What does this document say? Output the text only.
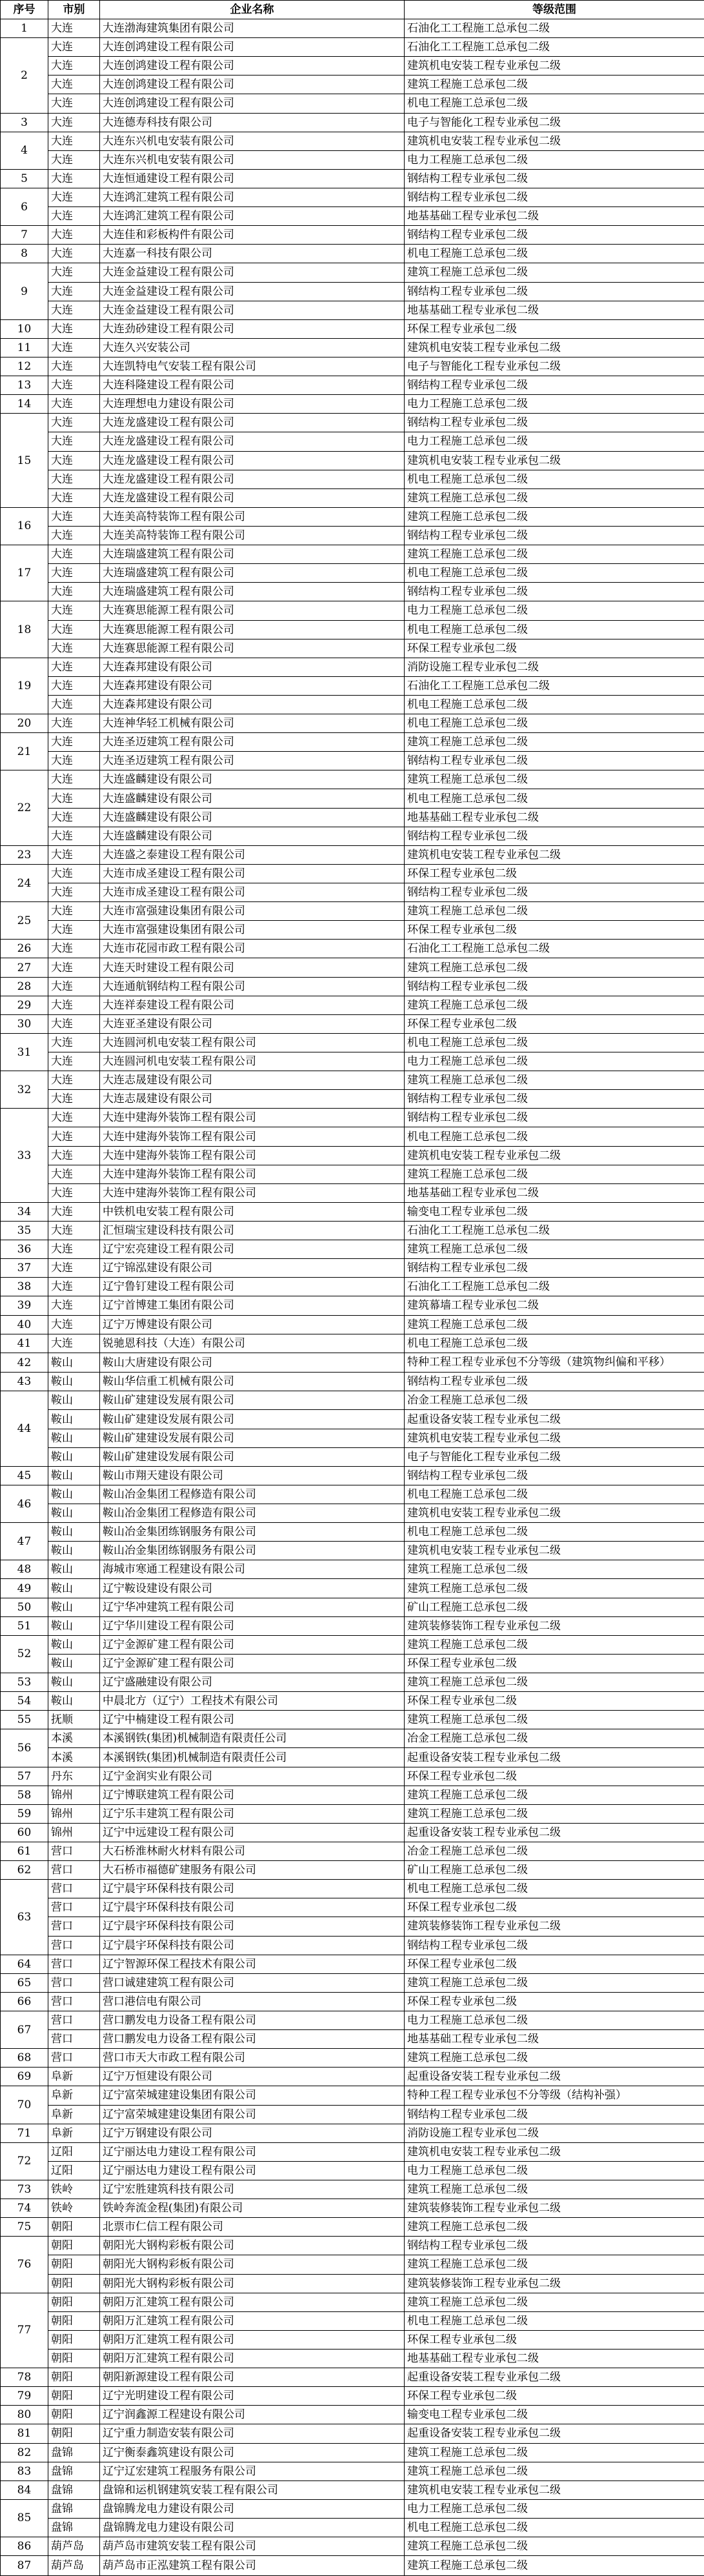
序号	市别	企业名称	等级范围
1	大连	大连渤海建筑集团有限公司	石油化工工程施工总承包二级
2	大连	大连创鸿建设工程有限公司	石油化工工程施工总承包二级
	大连	大连创鸿建设工程有限公司	建筑机电安装工程专业承包二级
	大连	大连创鸿建设工程有限公司	建筑工程施工总承包二级
	大连	大连创鸿建设工程有限公司	机电工程施工总承包二级
3	大连	大连德寿科技有限公司	电子与智能化工程专业承包二级
4	大连	大连东兴机电安装有限公司	建筑机电安装工程专业承包二级
	大连	大连东兴机电安装有限公司	电力工程施工总承包二级
5	大连	大连恒通建设工程有限公司	钢结构工程专业承包二级
6	大连	大连鸿汇建筑工程有限公司	钢结构工程专业承包二级
	大连	大连鸿汇建筑工程有限公司	地基基础工程专业承包二级
7	大连	大连佳和彩板构件有限公司	钢结构工程专业承包二级
8	大连	大连嘉一科技有限公司	机电工程施工总承包二级
9	大连	大连金益建设工程有限公司	建筑工程施工总承包二级
	大连	大连金益建设工程有限公司	钢结构工程专业承包二级
	大连	大连金益建设工程有限公司	地基基础工程专业承包二级
10	大连	大连劲砂建设工程有限公司	环保工程专业承包二级
11	大连	大连久兴安装公司	建筑机电安装工程专业承包二级
12	大连	大连凯特电气安装工程有限公司	电子与智能化工程专业承包二级
13	大连	大连科隆建设工程有限公司	钢结构工程专业承包二级
14	大连	大连理想电力建设有限公司	电力工程施工总承包二级
15	大连	大连龙盛建设工程有限公司	钢结构工程专业承包二级
	大连	大连龙盛建设工程有限公司	电力工程施工总承包二级
	大连	大连龙盛建设工程有限公司	建筑机电安装工程专业承包二级
	大连	大连龙盛建设工程有限公司	机电工程施工总承包二级
	大连	大连龙盛建设工程有限公司	建筑工程施工总承包二级
16	大连	大连美高特装饰工程有限公司	建筑工程施工总承包二级
	大连	大连美高特装饰工程有限公司	钢结构工程专业承包二级
17	大连	大连瑞盛建筑工程有限公司	建筑工程施工总承包二级
	大连	大连瑞盛建筑工程有限公司	机电工程施工总承包二级
	大连	大连瑞盛建筑工程有限公司	钢结构工程专业承包二级
18	大连	大连赛思能源工程有限公司	电力工程施工总承包二级
	大连	大连赛思能源工程有限公司	机电工程施工总承包二级
	大连	大连赛思能源工程有限公司	环保工程专业承包二级
19	大连	大连森邦建设有限公司	消防设施工程专业承包二级
	大连	大连森邦建设有限公司	石油化工工程施工总承包二级
	大连	大连森邦建设有限公司	机电工程施工总承包二级
20	大连	大连神华轻工机械有限公司	机电工程施工总承包二级
21	大连	大连圣迈建筑工程有限公司	建筑工程施工总承包二级
	大连	大连圣迈建筑工程有限公司	钢结构工程专业承包二级
22	大连	大连盛麟建设有限公司	建筑工程施工总承包二级
	大连	大连盛麟建设有限公司	机电工程施工总承包二级
	大连	大连盛麟建设有限公司	地基基础工程专业承包二级
	大连	大连盛麟建设有限公司	钢结构工程专业承包二级
23	大连	大连盛之泰建设工程有限公司	建筑机电安装工程专业承包二级
24	大连	大连市成圣建设工程有限公司	环保工程专业承包二级
	大连	大连市成圣建设工程有限公司	钢结构工程专业承包二级
25	大连	大连市富强建设集团有限公司	建筑工程施工总承包二级
	大连	大连市富强建设集团有限公司	环保工程专业承包二级
26	大连	大连市花园市政工程有限公司	石油化工工程施工总承包二级
27	大连	大连天时建设工程有限公司	建筑工程施工总承包二级
28	大连	大连通航钢结构工程有限公司	钢结构工程专业承包二级
29	大连	大连祥泰建设工程有限公司	建筑工程施工总承包二级
30	大连	大连亚圣建设有限公司	环保工程专业承包二级
31	大连	大连圆河机电安装工程有限公司	机电工程施工总承包二级
	大连	大连圆河机电安装工程有限公司	电力工程施工总承包二级
32	大连	大连志晟建设有限公司	建筑工程施工总承包二级
	大连	大连志晟建设有限公司	钢结构工程专业承包二级
33	大连	大连中建海外装饰工程有限公司	钢结构工程专业承包二级
	大连	大连中建海外装饰工程有限公司	机电工程施工总承包二级
	大连	大连中建海外装饰工程有限公司	建筑机电安装工程专业承包二级
	大连	大连中建海外装饰工程有限公司	建筑工程施工总承包二级
	大连	大连中建海外装饰工程有限公司	地基基础工程专业承包二级
34	大连	中铁机电安装工程有限公司	输变电工程专业承包二级
35	大连	汇恒瑞宝建设科技有限公司	石油化工工程施工总承包二级
36	大连	辽宁宏亮建设工程有限公司	建筑工程施工总承包二级
37	大连	辽宁锦泓建设有限公司	钢结构工程专业承包二级
38	大连	辽宁鲁钉建设工程有限公司	石油化工工程施工总承包二级
39	大连	辽宁首博建工集团有限公司	建筑幕墙工程专业承包二级
40	大连	辽宁万博建设有限公司	建筑工程施工总承包二级
41	大连	锐驰恩科技（大连）有限公司	机电工程施工总承包二级
42	鞍山	鞍山大唐建设有限公司	特种工程工程专业承包不分等级（建筑物纠偏和平移）
43	鞍山	鞍山华信重工机械有限公司	钢结构工程专业承包二级
44	鞍山	鞍山矿建建设发展有限公司	冶金工程施工总承包二级
	鞍山	鞍山矿建建设发展有限公司	起重设备安装工程专业承包二级
	鞍山	鞍山矿建建设发展有限公司	建筑机电安装工程专业承包二级
	鞍山	鞍山矿建建设发展有限公司	电子与智能化工程专业承包二级
45	鞍山	鞍山市翔天建设有限公司	钢结构工程专业承包二级
46	鞍山	鞍山冶金集团工程修造有限公司	机电工程施工总承包二级
	鞍山	鞍山冶金集团工程修造有限公司	建筑机电安装工程专业承包二级
47	鞍山	鞍山冶金集团练钢服务有限公司	机电工程施工总承包二级
	鞍山	鞍山冶金集团练钢服务有限公司	建筑机电安装工程专业承包二级
48	鞍山	海城市寒通工程建设有限公司	建筑工程施工总承包二级
49	鞍山	辽宁鞍设建设有限公司	建筑工程施工总承包二级
50	鞍山	辽宁华冲建筑工程有限公司	矿山工程施工总承包二级
51	鞍山	辽宁华川建设工程有限公司	建筑装修装饰工程专业承包二级
52	鞍山	辽宁金源矿建工程有限公司	建筑工程施工总承包二级
	鞍山	辽宁金源矿建工程有限公司	环保工程专业承包二级
53	鞍山	辽宁盛融建设有限公司	建筑工程施工总承包二级
54	鞍山	中晨北方（辽宁）工程技术有限公司	环保工程专业承包二级
55	抚顺	辽宁中楠建设工程有限公司	建筑工程施工总承包二级
56	本溪	本溪钢铁(集团)机械制造有限责任公司	冶金工程施工总承包二级
	本溪	本溪钢铁(集团)机械制造有限责任公司	起重设备安装工程专业承包二级
57	丹东	辽宁金润实业有限公司	环保工程专业承包二级
58	锦州	辽宁博联建筑工程有限公司	建筑工程施工总承包二级
59	锦州	辽宁乐丰建筑工程有限公司	建筑工程施工总承包二级
60	锦州	辽宁中远建设工程有限公司	起重设备安装工程专业承包二级
61	营口	大石桥淮林耐火材料有限公司	冶金工程施工总承包二级
62	营口	大石桥市福德矿建服务有限公司	矿山工程施工总承包二级
63	营口	辽宁晨宇环保科技有限公司	机电工程施工总承包二级
	营口	辽宁晨宇环保科技有限公司	环保工程专业承包二级
	营口	辽宁晨宇环保科技有限公司	建筑装修装饰工程专业承包二级
	营口	辽宁晨宇环保科技有限公司	钢结构工程专业承包二级
64	营口	辽宁智源环保工程技术有限公司	环保工程专业承包二级
65	营口	营口诚建建筑工程有限公司	建筑工程施工总承包二级
66	营口	营口港信电有限公司	环保工程专业承包二级
67	营口	营口鹏发电力设备工程有限公司	电力工程施工总承包二级
	营口	营口鹏发电力设备工程有限公司	地基基础工程专业承包二级
68	营口	营口市天大市政工程有限公司	建筑工程施工总承包二级
69	阜新	辽宁万恒建设有限公司	起重设备安装工程专业承包二级
70	阜新	辽宁富荣城建建设集团有限公司	特种工程工程专业承包不分等级（结构补强）
	阜新	辽宁富荣城建建设集团有限公司	钢结构工程专业承包二级
71	阜新	辽宁万钢建设有限公司	消防设施工程专业承包二级
72	辽阳	辽宁丽达电力建设工程有限公司	建筑机电安装工程专业承包二级
	辽阳	辽宁丽达电力建设工程有限公司	电力工程施工总承包二级
73	铁岭	辽宁宏胜建筑科技有限公司	建筑工程施工总承包二级
74	铁岭	铁岭奔流金程(集团)有限公司	建筑装修装饰工程专业承包二级
75	朝阳	北票市仁信工程有限公司	建筑工程施工总承包二级
76	朝阳	朝阳光大钢构彩板有限公司	钢结构工程专业承包二级
	朝阳	朝阳光大钢构彩板有限公司	建筑工程施工总承包二级
	朝阳	朝阳光大钢构彩板有限公司	建筑装修装饰工程专业承包二级
77	朝阳	朝阳万汇建筑工程有限公司	建筑工程施工总承包二级
	朝阳	朝阳万汇建筑工程有限公司	机电工程施工总承包二级
	朝阳	朝阳万汇建筑工程有限公司	环保工程专业承包二级
	朝阳	朝阳万汇建筑工程有限公司	地基基础工程专业承包二级
78	朝阳	朝阳新源建设工程有限公司	起重设备安装工程专业承包二级
79	朝阳	辽宁光明建设工程有限公司	环保工程专业承包二级
80	朝阳	辽宁润鑫源工程建设有限公司	输变电工程专业承包二级
81	朝阳	辽宁重力制造安装有限公司	起重设备安装工程专业承包二级
82	盘锦	辽宁衡泰鑫筑建设有限公司	建筑工程施工总承包二级
83	盘锦	辽宁辽宏建筑工程服务有限公司	建筑工程施工总承包二级
84	盘锦	盘锦和运机钢建筑安装工程有限公司	建筑机电安装工程专业承包二级
85	盘锦	盘锦腾龙电力建设有限公司	电力工程施工总承包二级
	盘锦	盘锦腾龙电力建设有限公司	机电工程施工总承包二级
86	葫芦岛	葫芦岛市建筑安装工程有限公司	建筑工程施工总承包二级
87	葫芦岛	葫芦岛市正泓建筑工程有限公司	建筑工程施工总承包二级
